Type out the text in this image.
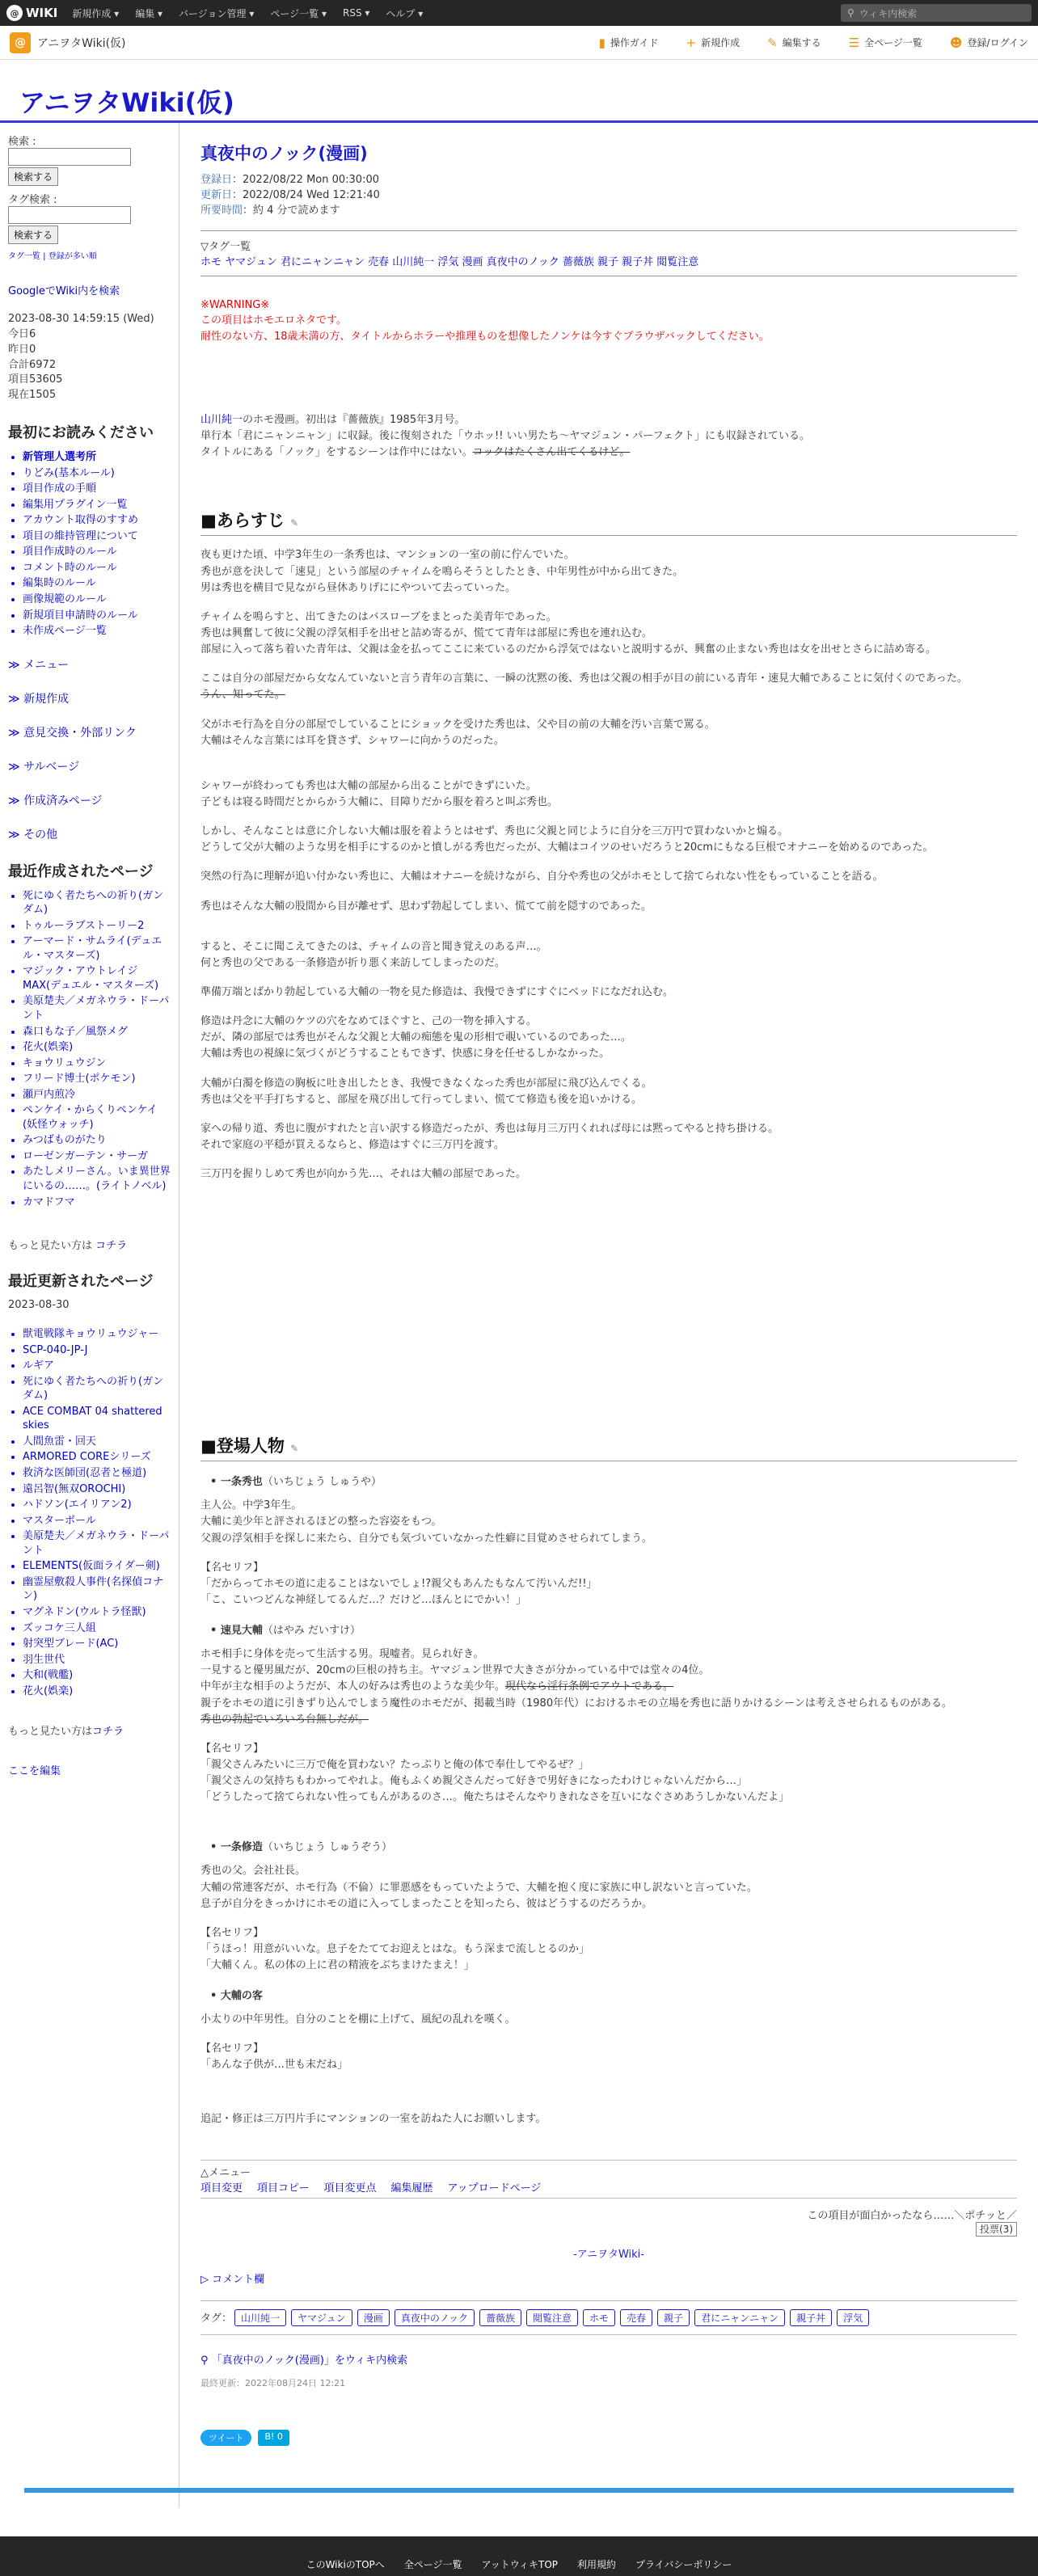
@ WIKI 新規作成 ▾ 編集 ▾ バージョン管理 ▾ ページ一覧 ▾ RSS ▾ ヘルプ ▾	⚲ ウィキ内検索
@	アニヲタWiki(仮)	▮ 操作ガイド + 新規作成 ✎ 編集する ☰ 全ページ一覧 ☻ 登録/ログイン
アニヲタWiki(仮)
検索 :

検索する
タグ検索 :

検索する
タグ一覧 | 登録が多い順
GoogleでWiki内を検索
2023-08-30 14:59:15 (Wed)
今日6
昨日0
合計6972
項目53605
現在1505
最初にお読みください
• 新管理人選考所
• りどみ(基本ルール)
• 項目作成の手順
• 編集用プラグイン一覧
• アカウント取得のすすめ
• 項目の維持管理について
• 項目作成時のルール
• コメント時のルール
• 編集時のルール
• 画像規範のルール
• 新規項目申請時のルール
• 未作成ページ一覧
≫ メニュー
≫ 新規作成
≫ 意見交換・外部リンク
≫ サルベージ
≫ 作成済みページ
≫ その他
最近作成されたページ
• 死にゆく者たちへの祈り(ガンダム)
• トゥルーラブストーリー2
• アーマード・サムライ(デュエル・マスターズ)
• マジック・アウトレイジMAX(デュエル・マスターズ)
• 美原楚夫／メガネウラ・ドーパント
• 森口もな子／風祭メグ
• 花火(娯楽)
• キョウリュウジン
• フリード博士(ポケモン)
• 瀬戸内煎冷
• ペンケイ・からくりペンケイ(妖怪ウォッチ)
• みつばものがたり
• ローゼンガーテン・サーガ
• あたしメリーさん。いま異世界にいるの……。(ライトノベル)
• カマドフマ
もっと見たい方は コチラ
最近更新されたページ
2023-08-30
• 獣電戦隊キョウリュウジャー
• SCP-040-JP-J
• ルギア
• 死にゆく者たちへの祈り(ガンダム)
• ACE COMBAT 04 shattered skies
• 人間魚雷・回天
• ARMORED COREシリーズ
• 救済な医師団(忍者と極道)
• 遠呂智(無双OROCHI)
• ハドソン(エイリアン2)
• マスターボール
• 美原楚夫／メガネウラ・ドーパント
• ELEMENTS(仮面ライダー剣)
• 幽霊屋敷殺人事件(名探偵コナン)
• マグネドン(ウルトラ怪獣)
• ズッコケ三人組
• 射突型ブレード(AC)
• 羽生世代
• 大和(戦艦)
• 花火(娯楽)
もっと見たい方はコチラ
ここを編集
真夜中のノック(漫画)
登録日：2022/08/22 Mon 00:30:00
更新日：2022/08/24 Wed 12:21:40
所要時間：約 4 分で読めます
▽タグ一覧
ホモ ヤマジュン 君にニャンニャン 売春 山川純一 浮気 漫画 真夜中のノック 薔薇族 親子 親子丼 閲覧注意
※WARNING※
この項目はホモエロネタです。
耐性のない方、18歳未満の方、タイトルからホラーや推理ものを想像したノンケは今すぐブラウザバックしてください。
山川純一のホモ漫画。初出は『薔薇族』1985年3月号。
単行本「君にニャンニャン」に収録。後に復刻された「ウホッ!! いい男たち〜ヤマジュン・パーフェクト」にも収録されている。
タイトルにある「ノック」をするシーンは作中にはない。コックはたくさん出てくるけど。
■あらすじ ✎
夜も更けた頃、中学3年生の一条秀也は、マンションの一室の前に佇んでいた。
秀也が意を決して「速見」という部屋のチャイムを鳴らそうとしたとき、中年男性が中から出てきた。
男は秀也を横目で見ながら昼休ありげににやついて去っていった。
チャイムを鳴らすと、出てきたのはバスローブをまとった美青年であった。
秀也は興奮して彼に父親の浮気相手を出せと詰め寄るが、慌てて青年は部屋に秀也を連れ込む。
部屋に入って落ち着いた青年は、父親は金を払ってここに来ているのだから浮気ではないと説明するが、興奮の止まない秀也は女を出せとさらに詰め寄る。
ここは自分の部屋だから女なんていないと言う青年の言葉に、一瞬の沈黙の後、秀也は父親の相手が目の前にいる青年・速見大輔であることに気付くのであった。
うん、知ってた。
父がホモ行為を自分の部屋でしていることにショックを受けた秀也は、父や目の前の大輔を汚い言葉で罵る。
大輔はそんな言葉には耳を貸さず、シャワーに向かうのだった。
シャワーが終わっても秀也は大輔の部屋から出ることができずにいた。
子どもは寝る時間だとからかう大輔に、目障りだから服を着ろと叫ぶ秀也。
しかし、そんなことは意に介しない大輔は服を着ようとはせず、秀也に父親と同じように自分を三万円で買わないかと煽る。
どうして父が大輔のような男を相手にするのかと憤しがる秀也だったが、大輔はコイツのせいだろうと20cmにもなる巨根でオナニーを始めるのであった。
突然の行為に理解が追い付かない秀也に、大輔はオナニーを続けながら、自分や秀也の父がホモとして捨てられない性をもっていることを語る。
秀也はそんな大輔の股間から目が離せず、思わず勃起してしまい、慌てて前を隠すのであった。
すると、そこに聞こえてきたのは、チャイムの音と聞き覚えのある声…。
何と秀也の父である一条修造が折り悪く来訪してしまったのだ。
準備万端とばかり勃起している大輔の一物を見た修造は、我慢できずにすぐにベッドになだれ込む。
修造は丹念に大輔のケツの穴をなめてほぐすと、己の一物を挿入する。
だが、隣の部屋では秀也がそんな父親と大輔の痴態を鬼の形相で覗いているのであった…。
大輔は秀也の視線に気づくがどうすることもできず、快感に身を任せるしかなかった。
大輔が白濁を修造の胸板に吐き出したとき、我慢できなくなった秀也が部屋に飛び込んでくる。
秀也は父を平手打ちすると、部屋を飛び出して行ってしまい、慌てて修造も後を追いかける。
家への帰り道、秀也に腹がすれたと言い訳する修造だったが、秀也は毎月三万円くれれば母には黙ってやると持ち掛ける。
それで家庭の平穏が買えるならと、修造はすぐに三万円を渡す。
三万円を握りしめて秀也が向かう先…、それは大輔の部屋であった。
■登場人物 ✎
• 一条秀也（いちじょう しゅうや）
主人公。中学3年生。
大輔に美少年と評されるほどの整った容姿をもつ。
父親の浮気相手を探しに来たら、自分でも気づいていなかった性癖に目覚めさせられてしまう。
【名セリフ】
「だからってホモの道に走ることはないでしょ!?親父もあんたもなんて汚いんだ!!」
「こ、こいつどんな神経してるんだ…？だけど…ほんとにでかい！」
• 速見大輔（はやみ だいすけ）
ホモ相手に身体を売って生活する男。現嘘者。見られ好き。
一見すると優男風だが、20cmの巨根の持ち主。ヤマジュン世界で大きさが分かっている中では堂々の4位。
中年が主な相手のようだが、本人の好みは秀也のような美少年。現代なら淫行条例でアウトである。
親子をホモの道に引きずり込んでしまう魔性のホモだが、掲載当時（1980年代）におけるホモの立場を秀也に語りかけるシーンは考えさせられるものがある。
秀也の勃起でいろいろ台無しだが。
【名セリフ】
「親父さんみたいに三万で俺を買わない？たっぷりと俺の体で奉仕してやるぜ？」
「親父さんの気持ちもわかってやれよ。俺もふくめ親父さんだって好きで男好きになったわけじゃないんだから…」
「どうしたって捨てられない性ってもんがあるのさ…。俺たちはそんなやりきれなさを互いになぐさめあうしかないんだよ」
• 一条修造（いちじょう しゅうぞう）
秀也の父。会社社長。
大輔の常連客だが、ホモ行為（不倫）に罪悪感をもっていたようで、大輔を抱く度に家族に申し訳ないと言っていた。
息子が自分をきっかけにホモの道に入ってしまったことを知ったら、彼はどうするのだろうか。
【名セリフ】
「うほっ！用意がいいな。息子をたててお迎えとはな。もう深まで流しとるのか」
「大輔くん。私の体の上に君の精液をぶちまけたまえ！」
• 大輔の客
小太りの中年男性。自分のことを棚に上げて、風紀の乱れを嘆く。
【名セリフ】
「あんな子供が…世も末だね」
追記・修正は三万円片手にマンションの一室を訪ねた人にお願いします。
△メニュー
項目変更 項目コピー 項目変更点 編集履歴 アップロードページ
この項目が面白かったなら……＼ポチッと／
投票(3)
-アニヲタWiki-
▷ コメント欄
タグ： 山川純一 ヤマジュン 漫画 真夜中のノック 薔薇族 閲覧注意 ホモ 売春 親子 君にニャンニャン 親子丼 浮気
⚲ 「真夜中のノック(漫画)」をウィキ内検索
最終更新：2022年08月24日 12:21
ツイート	B! 0
このWikiのTOPへ 全ページ一覧 アットウィキTOP 利用規約 プライバシーポリシー
